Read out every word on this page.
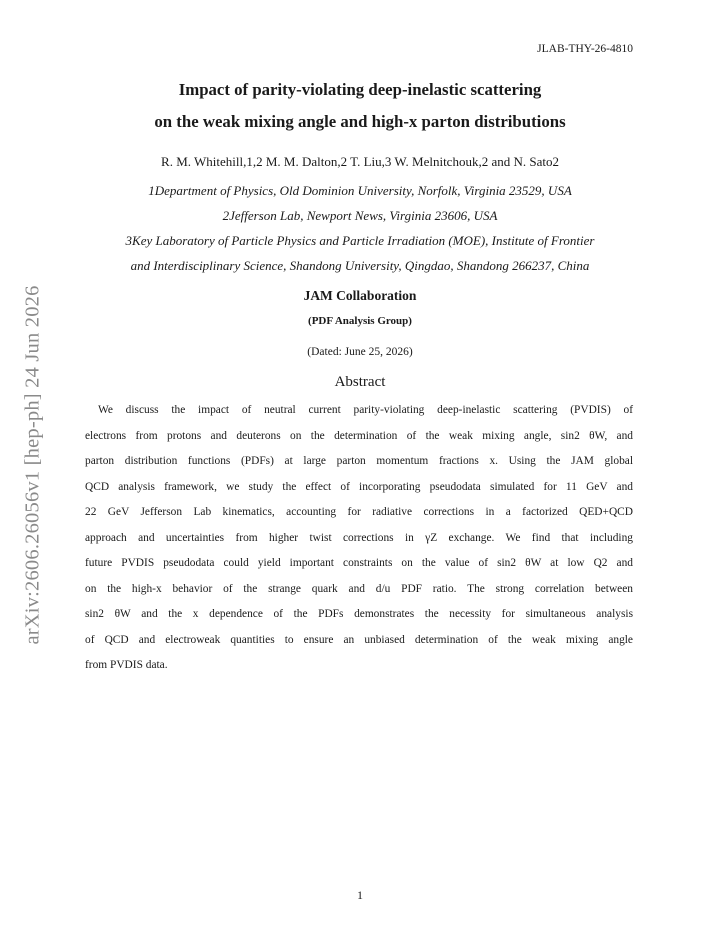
JLAB-THY-26-4810
arXiv:2606.26056v1 [hep-ph] 24 Jun 2026
Impact of parity-violating deep-inelastic scattering
on the weak mixing angle and high-x parton distributions
R. M. Whitehill,1,2 M. M. Dalton,2 T. Liu,3 W. Melnitchouk,2 and N. Sato2
1Department of Physics, Old Dominion University, Norfolk, Virginia 23529, USA
2Jefferson Lab, Newport News, Virginia 23606, USA
3Key Laboratory of Particle Physics and Particle Irradiation (MOE), Institute of Frontier
and Interdisciplinary Science, Shandong University, Qingdao, Shandong 266237, China
JAM Collaboration
(PDF Analysis Group)
(Dated: June 25, 2026)
Abstract
We discuss the impact of neutral current parity-violating deep-inelastic scattering (PVDIS) of
electrons from protons and deuterons on the determination of the weak mixing angle, sin2 θW, and
parton distribution functions (PDFs) at large parton momentum fractions x. Using the JAM global
QCD analysis framework, we study the effect of incorporating pseudodata simulated for 11 GeV and
22 GeV Jefferson Lab kinematics, accounting for radiative corrections in a factorized QED+QCD
approach and uncertainties from higher twist corrections in γZ exchange. We find that including
future PVDIS pseudodata could yield important constraints on the value of sin2 θW at low Q2 and
on the high-x behavior of the strange quark and d/u PDF ratio. The strong correlation between
sin2 θW and the x dependence of the PDFs demonstrates the necessity for simultaneous analysis
of QCD and electroweak quantities to ensure an unbiased determination of the weak mixing angle
from PVDIS data.
1
